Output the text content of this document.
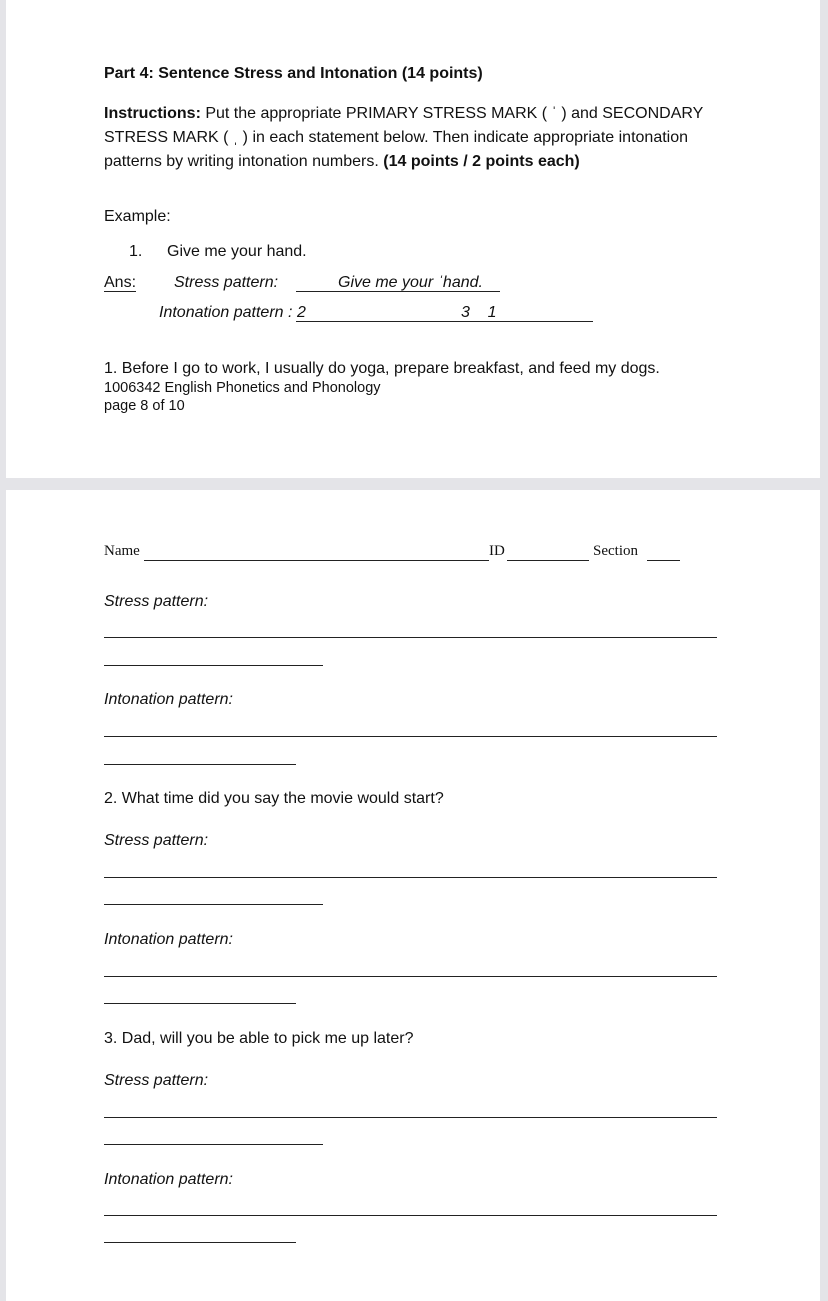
Part 4: Sentence Stress and Intonation (14 points)
Instructions: Put the appropriate PRIMARY STRESS MARK ( ˈ ) and SECONDARY STRESS MARK ( ˌ ) in each statement below. Then indicate appropriate intonation patterns by writing intonation numbers. (14 points / 2 points each)
Example:
1. Give me your hand.
Ans: Stress pattern:	Give me your ˈhand.
Intonation pattern : 2	3    1
1. Before I go to work, I usually do yoga, prepare breakfast, and feed my dogs.
1006342 English Phonetics and Phonology
page 8 of 10
Name	ID	Section
Stress pattern:
Intonation pattern:
2. What time did you say the movie would start?
Stress pattern:
Intonation pattern:
3. Dad, will you be able to pick me up later?
Stress pattern:
Intonation pattern:
